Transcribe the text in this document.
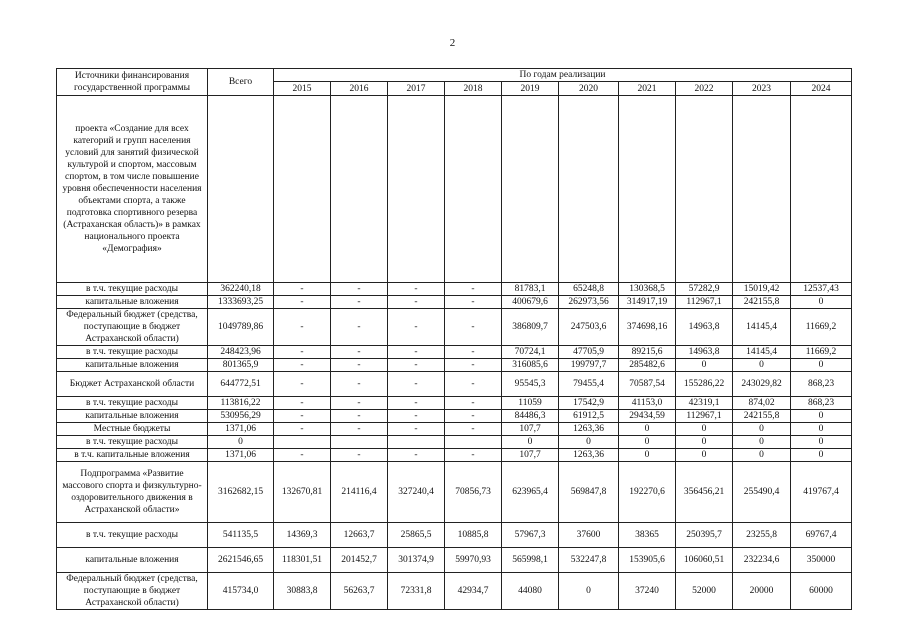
2
Источники финансирования государственной программы	Всего	По годам реализации									
		2015	2016	2017	2018	2019	2020	2021	2022	2023	2024
проекта «Создание для всех категорий и групп населения условий для занятий физической культурой и спортом, массовым спортом, в том числе повышение уровня обеспеченности населения объектами спорта, а также подготовка спортивного резерва (Астраханская область)» в рамках национального проекта «Демография»											
в т.ч. текущие расходы	362240,18	-	-	-	-	81783,1	65248,8	130368,5	57282,9	15019,42	12537,43
капитальные вложения	1333693,25	-	-	-	-	400679,6	262973,56	314917,19	112967,1	242155,8	0
Федеральный бюджет (средства, поступающие в бюджет Астраханской области)	1049789,86	-	-	-	-	386809,7	247503,6	374698,16	14963,8	14145,4	11669,2
в т.ч. текущие расходы	248423,96	-	-	-	-	70724,1	47705,9	89215,6	14963,8	14145,4	11669,2
капитальные вложения	801365,9	-	-	-	-	316085,6	199797,7	285482,6	0	0	0
Бюджет Астраханской области	644772,51	-	-	-	-	95545,3	79455,4	70587,54	155286,22	243029,82	868,23
в т.ч. текущие расходы	113816,22	-	-	-	-	11059	17542,9	41153,0	42319,1	874,02	868,23
капитальные вложения	530956,29	-	-	-	-	84486,3	61912,5	29434,59	112967,1	242155,8	0
Местные бюджеты	1371,06	-	-	-	-	107,7	1263,36	0	0	0	0
в т.ч. текущие расходы	0					0	0	0	0	0	0
в т.ч. капитальные вложения	1371,06	-	-	-	-	107,7	1263,36	0	0	0	0
Подпрограмма «Развитие массового спорта и физкультурно-оздоровительного движения в Астраханской области»	3162682,15	132670,81	214116,4	327240,4	70856,73	623965,4	569847,8	192270,6	356456,21	255490,4	419767,4
в т.ч. текущие расходы	541135,5	14369,3	12663,7	25865,5	10885,8	57967,3	37600	38365	250395,7	23255,8	69767,4
капитальные вложения	2621546,65	118301,51	201452,7	301374,9	59970,93	565998,1	532247,8	153905,6	106060,51	232234,6	350000
Федеральный бюджет (средства, поступающие в бюджет Астраханской области)	415734,0	30883,8	56263,7	72331,8	42934,7	44080	0	37240	52000	20000	60000
